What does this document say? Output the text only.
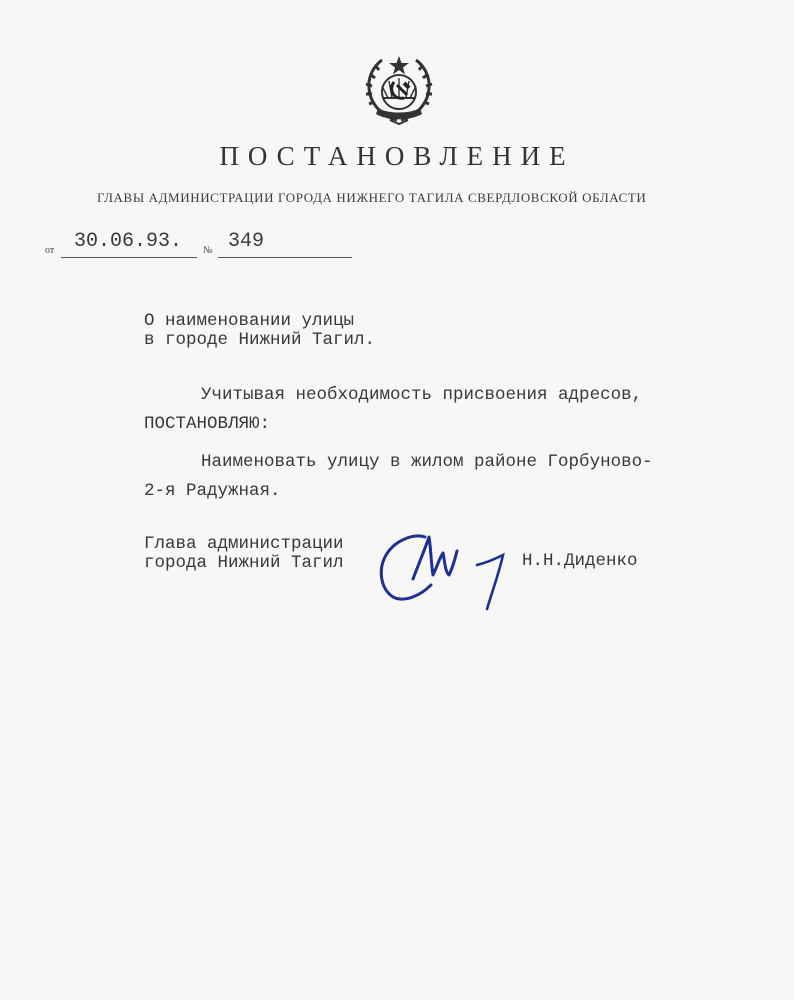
ПОСТАНОВЛЕНИЕ
ГЛАВЫ АДМИНИСТРАЦИИ ГОРОДА НИЖНЕГО ТАГИЛА СВЕРДЛОВСКОЙ ОБЛАСТИ
от 30.06.93. № 349
О наименовании улицы
в городе Нижний Тагил.
Учитывая необходимость присвоения адресов,
ПОСТАНОВЛЯЮ:
Наименовать улицу в жилом районе Горбуново-
2-я Радужная.
Глава администрации
города Нижний Тагил	Н.Н.Диденко
